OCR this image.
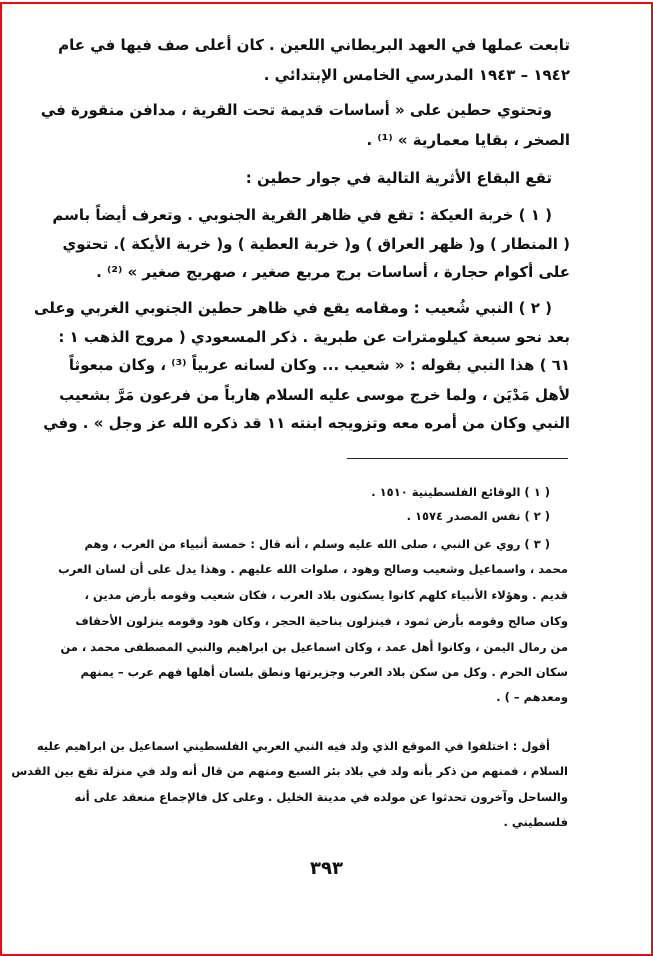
تابعت عملها في العهد البريطاني اللعين . كان أعلى صف فيها في عام
١٩٤٢ – ١٩٤٣ المدرسي الخامس الإبتدائي .
وتحتوي حطين على « أساسات قديمة تحت القرية ، مدافن منقورة في
الصخر ، بقايا معمارية » ⁽¹⁾ .
تقع البقاع الأثرية التالية في جوار حطين :
( ١ ) خربة العيكة : تقع في ظاهر القرية الجنوبي . وتعرف أيضاً باسم
( المنطار ) و( ظهر العراق ) و( خربة العطية ) و( خربة الأيكة ). تحتوي
على أكوام حجارة ، أساسات برج مربع صغير ، صهريج صغير » ⁽²⁾ .
( ٢ ) النبي شُعيب : ومقامه يقع في ظاهر حطين الجنوبي الغربي وعلى
بعد نحو سبعة كيلومترات عن طبرية . ذكر المسعودي ( مروج الذهب ١ :
٦١ ) هذا النبي بقوله : « شعيب ... وكان لسانه عربياً ⁽³⁾ ، وكان مبعوثاً
لأهل مَدْيَن ، ولما خرج موسى عليه السلام هارباً من فرعون مَرَّ بشعيب
النبي وكان من أمره معه وتزويجه ابنته ١١ قد ذكره الله عز وجل » . وفي
( ١ ) الوقائع الفلسطينية ١٥١٠ .
( ٢ ) نفس المصدر ١٥٧٤ .
( ٣ ) روي عن النبي ، صلى الله عليه وسلم ، أنه قال : خمسة أنبياء من العرب ، وهم
محمد ، واسماعيل وشعيب وصالح وهود ، صلوات الله عليهم . وهذا يدل على أن لسان العرب
قديم . وهؤلاء الأنبياء كلهم كانوا يسكنون بلاد العرب ، فكان شعيب وقومه بأرض مدين ،
وكان صالح وقومه بأرض ثمود ، فينزلون بناحية الحجر ، وكان هود وقومه ينزلون الأحقاف
من رمال اليمن ، وكانوا أهل عمد ، وكان اسماعيل بن ابراهيم والنبي المصطفى محمد ، من
سكان الحرم . وكل من سكن بلاد العرب وجزيرتها ونطق بلسان أهلها فهم عرب – يمنهم
ومعدهم – ) .
أقول : اختلفوا في الموقع الذي ولد فيه النبي العربي الفلسطيني اسماعيل بن ابراهيم عليه
السلام ، فمنهم من ذكر بأنه ولد في بلاد بئر السبع ومنهم من قال أنه ولد في منزلة تقع بين القدس
والساحل وآخرون تحدثوا عن مولده في مدينة الخليل . وعلى كل فالإجماع منعقد على أنه
فلسطيني .
٣٩٣
